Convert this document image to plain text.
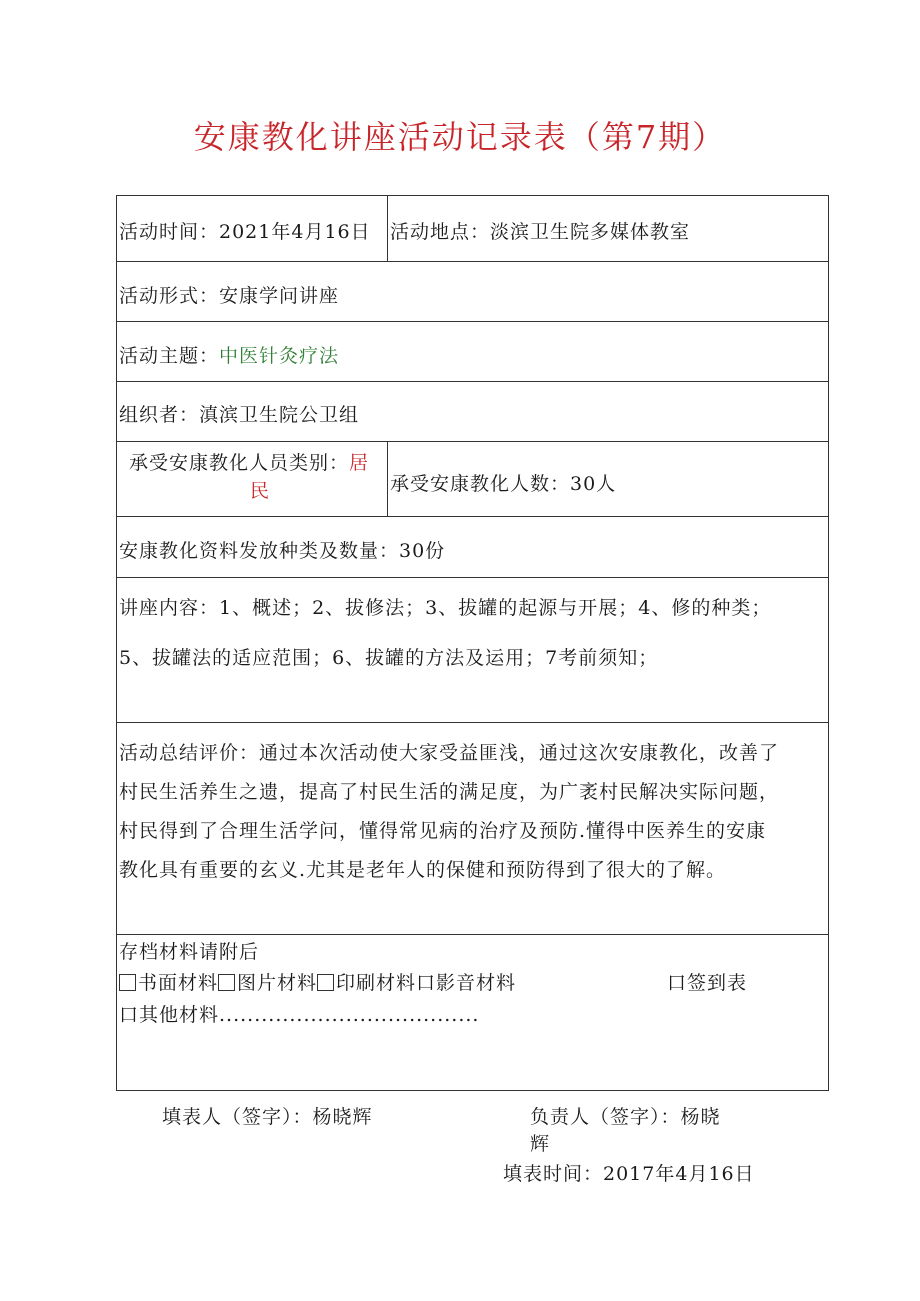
安康教化讲座活动记录表（第7期）
活动时间：2021年4月16日 活动地点：淡滨卫生院多媒体教室
活动形式：安康学问讲座
活动主题：中医针灸疗法
组织者：滇滨卫生院公卫组
承受安康教化人员类别：居
民	承受安康教化人数：30人
安康教化资料发放种类及数量：30份
讲座内容：1、概述；2、拔修法；3、拔罐的起源与开展；4、修的种类；
5、拔罐法的适应范围；6、拔罐的方法及运用；7考前须知；
活动总结评价：通过本次活动使大家受益匪浅，通过这次安康教化，改善了
村民生活养生之遗，提高了村民生活的满足度，为广袤村民解决实际问题，
村民得到了合理生活学问，懂得常见病的治疗及预防.懂得中医养生的安康
教化具有重要的玄义.尤其是老年人的保健和预防得到了很大的了解。
存档材料请附后
书面材料 图片材料 印刷材料口影音材料	口签到表
口其他材料.....................................
填表人（签字）：杨晓辉	负责人（签字）：杨晓
辉
填表时间：2017年4月16日
